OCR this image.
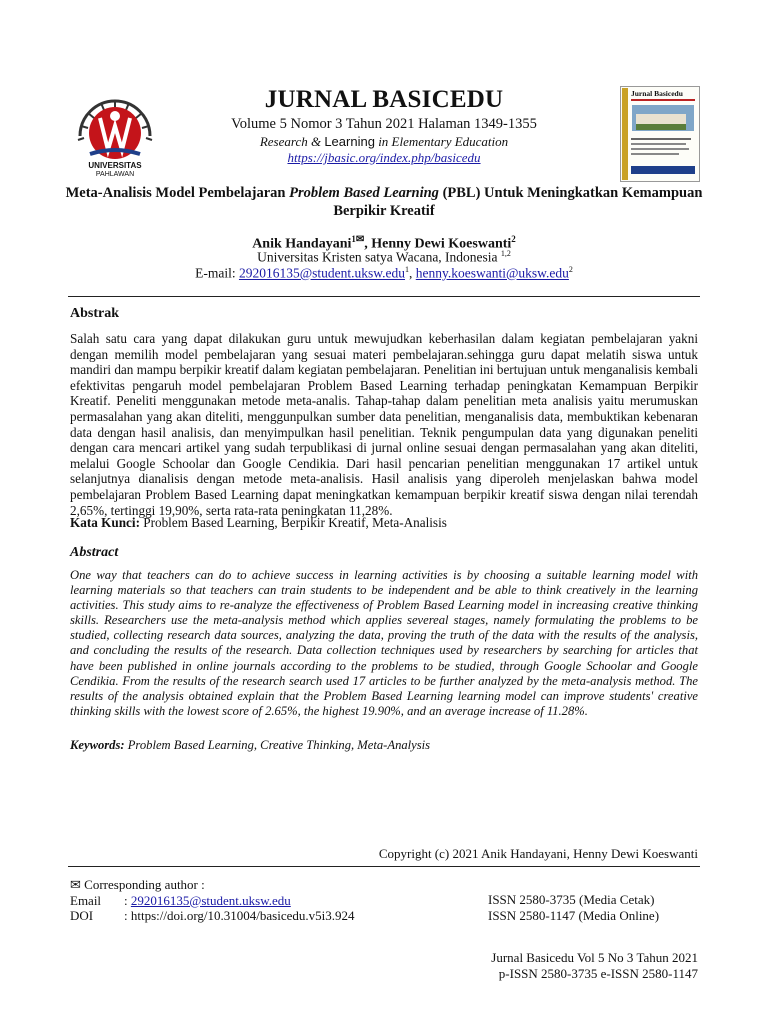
UNIVERSITAS
PAHLAWAN
Jurnal Basicedu
JURNAL BASICEDU
Volume 5 Nomor 3 Tahun 2021 Halaman 1349-1355
Research & Learning in Elementary Education
https://jbasic.org/index.php/basicedu
Meta-Analisis Model Pembelajaran Problem Based Learning (PBL) Untuk Meningkatkan Kemampuan Berpikir Kreatif
Anik Handayani$^{1✉}$, Henny Dewi Koeswanti$^2$
Universitas Kristen satya Wacana, Indonesia $^{1,2}$
E-mail: 292016135@student.uksw.edu$^1$, henny.koeswanti@uksw.edu$^2$
Abstrak
Salah satu cara yang dapat dilakukan guru untuk mewujudkan keberhasilan dalam kegiatan pembelajaran yakni dengan memilih model pembelajaran yang sesuai materi pembelajaran.sehingga guru dapat melatih siswa untuk mandiri dan mampu berpikir kreatif dalam kegiatan pembelajaran. Penelitian ini bertujuan untuk menganalisis kembali efektivitas pengaruh model pembelajaran Problem Based Learning terhadap peningkatan Kemampuan Berpikir Kreatif. Peneliti menggunakan metode meta-analis. Tahap-tahap dalam penelitian meta analisis yaitu merumuskan permasalahan yang akan diteliti, menggunpulkan sumber data penelitian, menganalisis data, membuktikan kebenaran data dengan hasil analisis, dan menyimpulkan hasil penelitian. Teknik pengumpulan data yang digunakan peneliti dengan cara mencari artikel yang sudah terpublikasi di jurnal online sesuai dengan permasalahan yang akan diteliti, melalui Google Schoolar dan Google Cendikia. Dari hasil pencarian penelitian menggunakan 17 artikel untuk selanjutnya dianalisis dengan metode meta-analisis. Hasil analisis yang diperoleh menjelaskan bahwa model pembelajaran Problem Based Learning dapat meningkatkan kemampuan berpikir kreatif siswa dengan nilai terendah 2,65%, tertinggi 19,90%, serta rata-rata peningkatan 11,28%.
Kata Kunci: Problem Based Learning, Berpikir Kreatif, Meta-Analisis
Abstract
One way that teachers can do to achieve success in learning activities is by choosing a suitable learning model with learning materials so that teachers can train students to be independent and be able to think creatively in the learning activities. This study aims to re-analyze the effectiveness of Problem Based Learning model in increasing creative thinking skills. Researchers use the meta-analysis method which applies severeal stages, namely formulating the problems to be studied, collecting research data sources, analyzing the data, proving the truth of the data with the results of the analysis, and concluding the results of the research. Data collection techniques used by researchers by searching for articles that have been published in online journals according to the problems to be studied, through Google Schoolar and Google Cendikia. From the results of the research search used 17 articles to be further analyzed by the meta-analysis method. The results of the analysis obtained explain that the Problem Based Learning learning model can improve students' creative thinking skills with the lowest score of 2.65%, the highest 19.90%, and an average increase of 11.28%.
Keywords: Problem Based Learning, Creative Thinking, Meta-Analysis
Copyright (c) 2021 Anik Handayani, Henny Dewi Koeswanti
✉ Corresponding author :
Email : 292016135@student.uksw.edu
DOI : https://doi.org/10.31004/basicedu.v5i3.924
ISSN 2580-3735 (Media Cetak)
ISSN 2580-1147 (Media Online)
Jurnal Basicedu Vol 5 No 3 Tahun 2021
p-ISSN 2580-3735 e-ISSN 2580-1147
